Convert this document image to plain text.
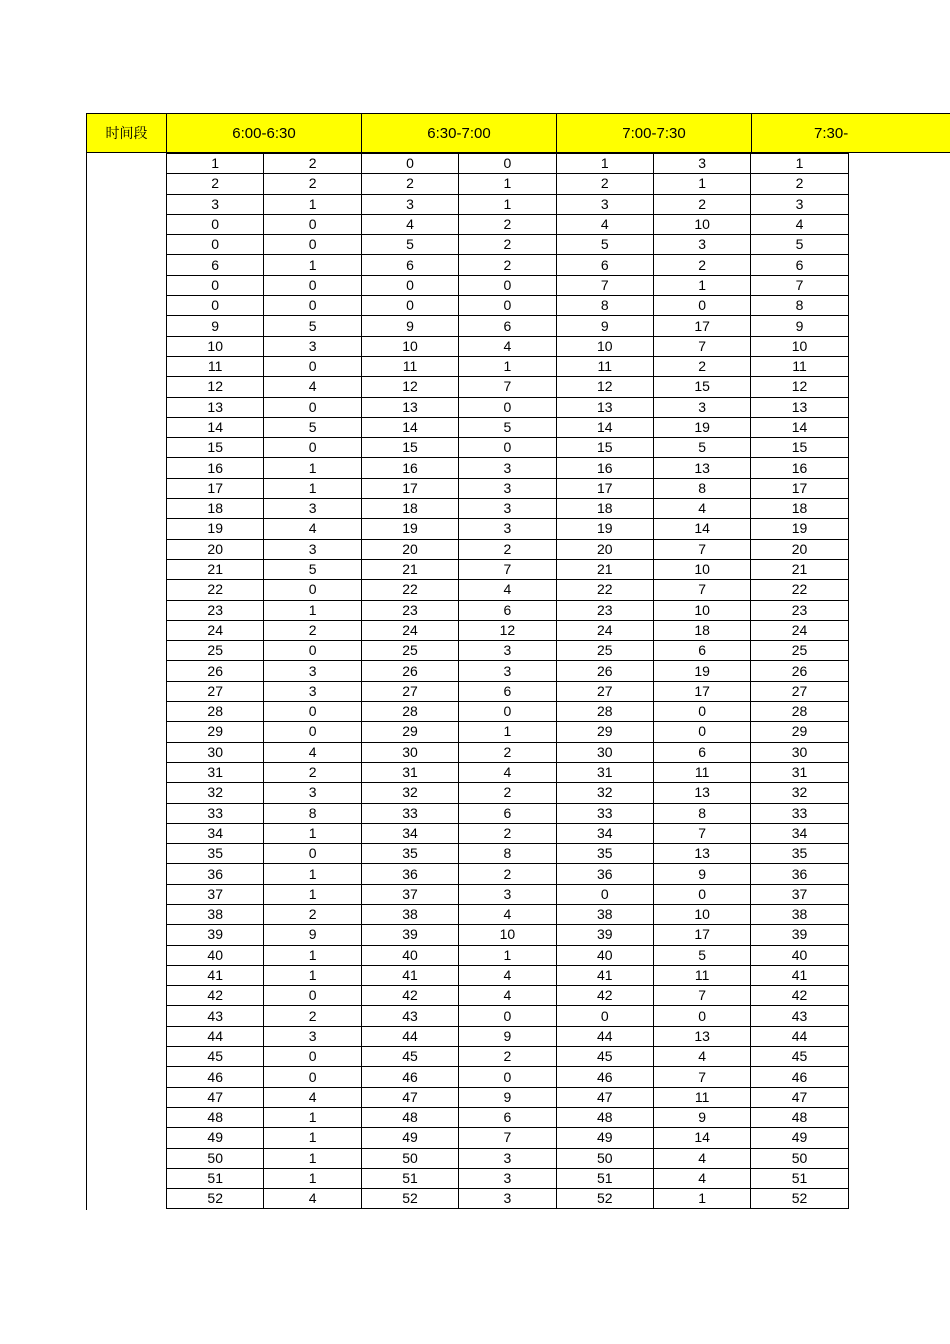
时间段	6:00-6:30	6:30-7:00	7:00-7:30	7:30-
1	2	0	0	1	3	1
2	2	2	1	2	1	2
3	1	3	1	3	2	3
0	0	4	2	4	10	4
0	0	5	2	5	3	5
6	1	6	2	6	2	6
0	0	0	0	7	1	7
0	0	0	0	8	0	8
9	5	9	6	9	17	9
10	3	10	4	10	7	10
11	0	11	1	11	2	11
12	4	12	7	12	15	12
13	0	13	0	13	3	13
14	5	14	5	14	19	14
15	0	15	0	15	5	15
16	1	16	3	16	13	16
17	1	17	3	17	8	17
18	3	18	3	18	4	18
19	4	19	3	19	14	19
20	3	20	2	20	7	20
21	5	21	7	21	10	21
22	0	22	4	22	7	22
23	1	23	6	23	10	23
24	2	24	12	24	18	24
25	0	25	3	25	6	25
26	3	26	3	26	19	26
27	3	27	6	27	17	27
28	0	28	0	28	0	28
29	0	29	1	29	0	29
30	4	30	2	30	6	30
31	2	31	4	31	11	31
32	3	32	2	32	13	32
33	8	33	6	33	8	33
34	1	34	2	34	7	34
35	0	35	8	35	13	35
36	1	36	2	36	9	36
37	1	37	3	0	0	37
38	2	38	4	38	10	38
39	9	39	10	39	17	39
40	1	40	1	40	5	40
41	1	41	4	41	11	41
42	0	42	4	42	7	42
43	2	43	0	0	0	43
44	3	44	9	44	13	44
45	0	45	2	45	4	45
46	0	46	0	46	7	46
47	4	47	9	47	11	47
48	1	48	6	48	9	48
49	1	49	7	49	14	49
50	1	50	3	50	4	50
51	1	51	3	51	4	51
52	4	52	3	52	1	52
